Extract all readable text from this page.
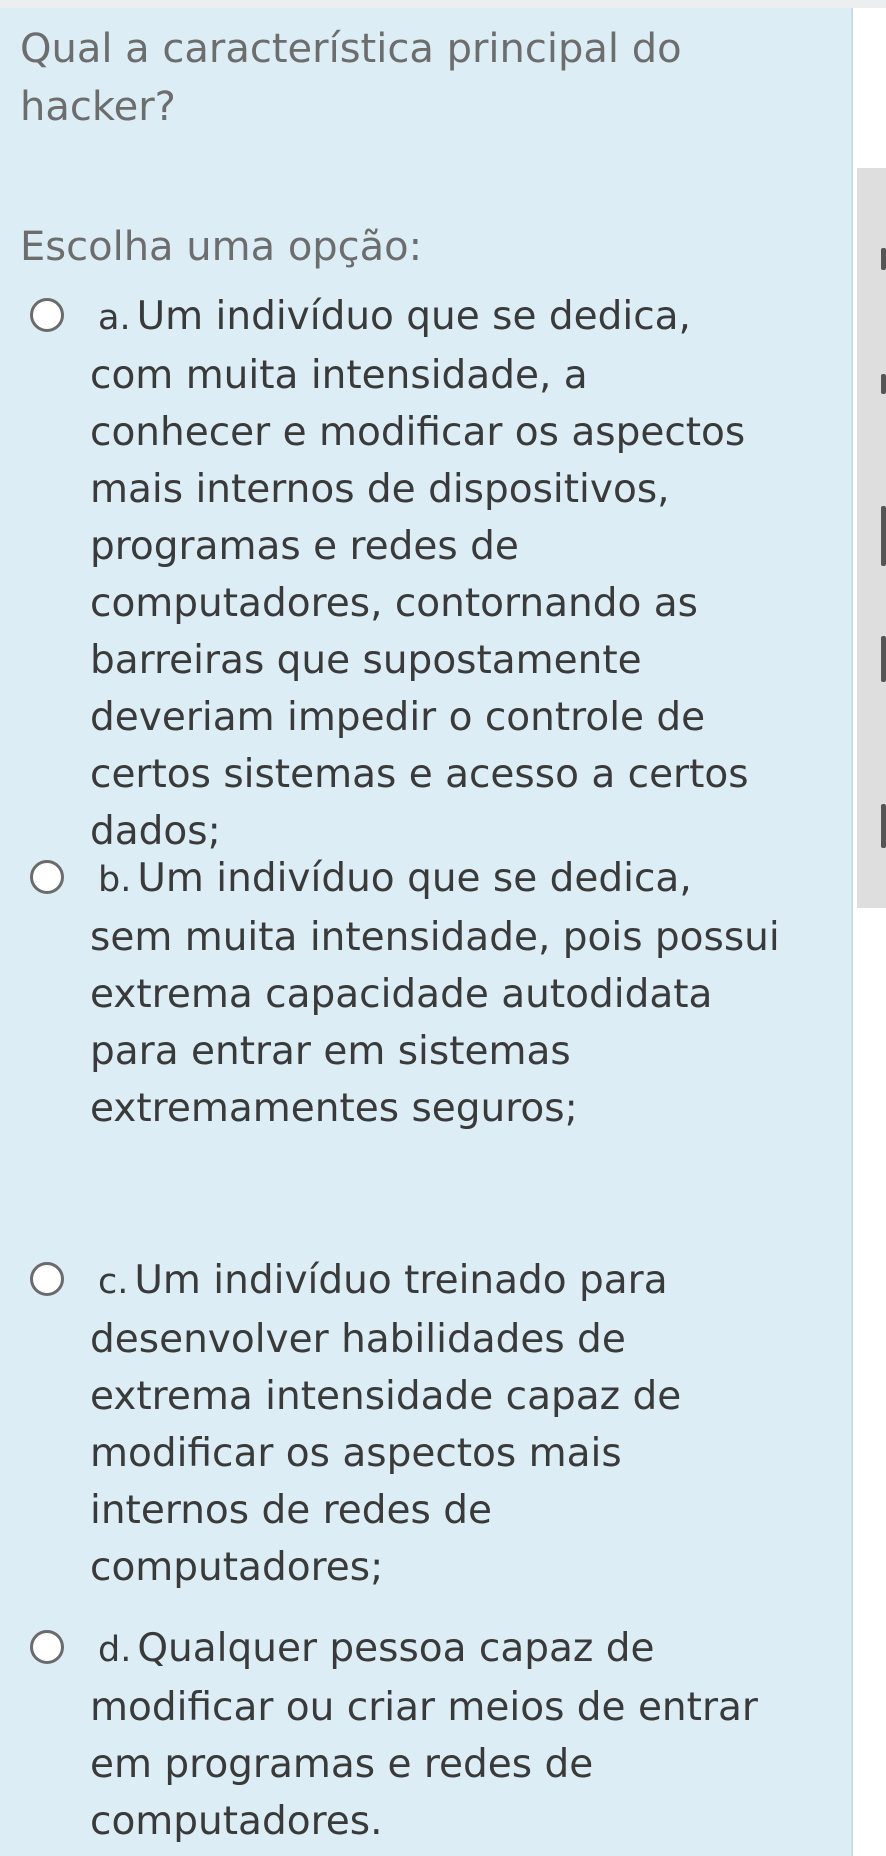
Qual a característica principal do hacker?

Escolha uma opção:

a. Um indivíduo que se dedica, com muita intensidade, a conhecer e modificar os aspectos mais internos de dispositivos, programas e redes de computadores, contornando as barreiras que supostamente deveriam impedir o controle de certos sistemas e acesso a certos dados;
b. Um indivíduo que se dedica, sem muita intensidade, pois possui extrema capacidade autodidata para entrar em sistemas extremamentes seguros;
c. Um indivíduo treinado para desenvolver habilidades de extrema intensidade capaz de modificar os aspectos mais internos de redes de computadores;
d. Qualquer pessoa capaz de modificar ou criar meios de entrar em programas e redes de computadores.
